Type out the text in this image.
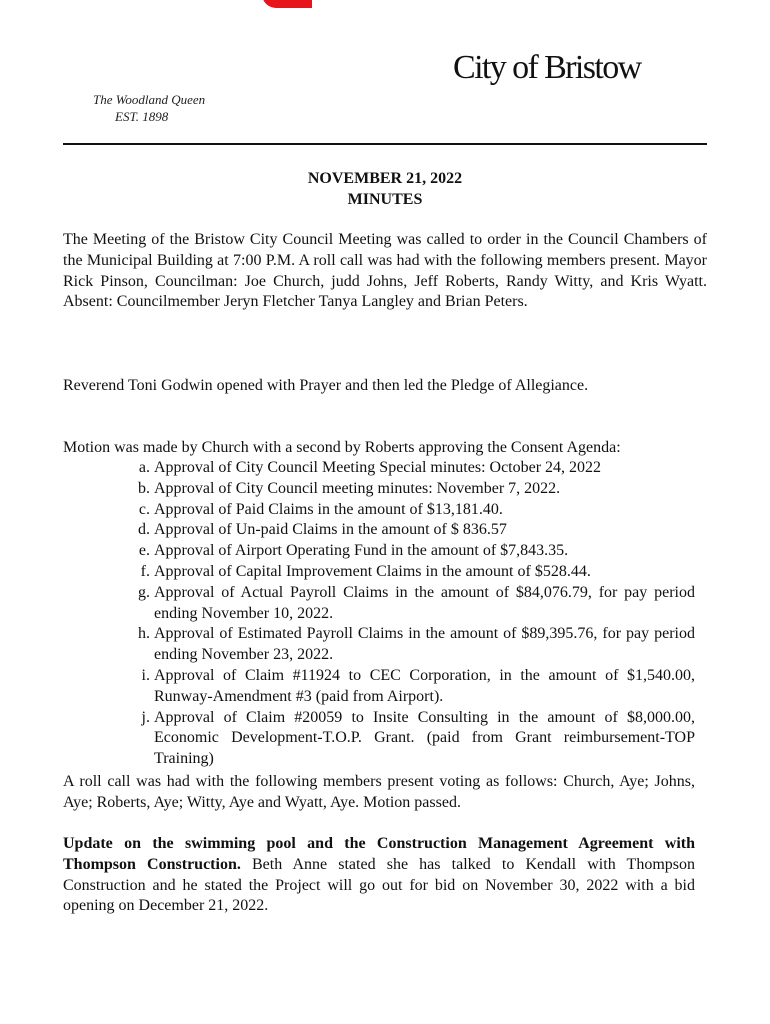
City of Bristow
The Woodland Queen
EST. 1898
NOVEMBER 21, 2022
MINUTES

The Meeting of the Bristow City Council Meeting was called to order in the Council Chambers of the Municipal Building at 7:00 P.M. A roll call was had with the following members present. Mayor Rick Pinson, Councilman: Joe Church, judd Johns, Jeff Roberts, Randy Witty, and Kris Wyatt. Absent: Councilmember Jeryn Fletcher Tanya Langley and Brian Peters.

Reverend Toni Godwin opened with Prayer and then led the Pledge of Allegiance.

Motion was made by Church with a second by Roberts approving the Consent Agenda:

a. Approval of City Council Meeting Special minutes: October 24, 2022
b. Approval of City Council meeting minutes: November 7, 2022.
c. Approval of Paid Claims in the amount of $13,181.40.
d. Approval of Un-paid Claims in the amount of $ 836.57
e. Approval of Airport Operating Fund in the amount of $7,843.35.
f. Approval of Capital Improvement Claims in the amount of $528.44.
g. Approval of Actual Payroll Claims in the amount of $84,076.79, for pay period ending November 10, 2022.
h. Approval of Estimated Payroll Claims in the amount of $89,395.76, for pay period ending November 23, 2022.
i. Approval of Claim #11924 to CEC Corporation, in the amount of $1,540.00, Runway-Amendment #3 (paid from Airport).
j. Approval of Claim #20059 to Insite Consulting in the amount of $8,000.00, Economic Development-T.O.P. Grant. (paid from Grant reimbursement-TOP Training)

A roll call was had with the following members present voting as follows: Church, Aye; Johns, Aye; Roberts, Aye; Witty, Aye and Wyatt, Aye. Motion passed.

Update on the swimming pool and the Construction Management Agreement with Thompson Construction. Beth Anne stated she has talked to Kendall with Thompson Construction and he stated the Project will go out for bid on November 30, 2022 with a bid opening on December 21, 2022.
